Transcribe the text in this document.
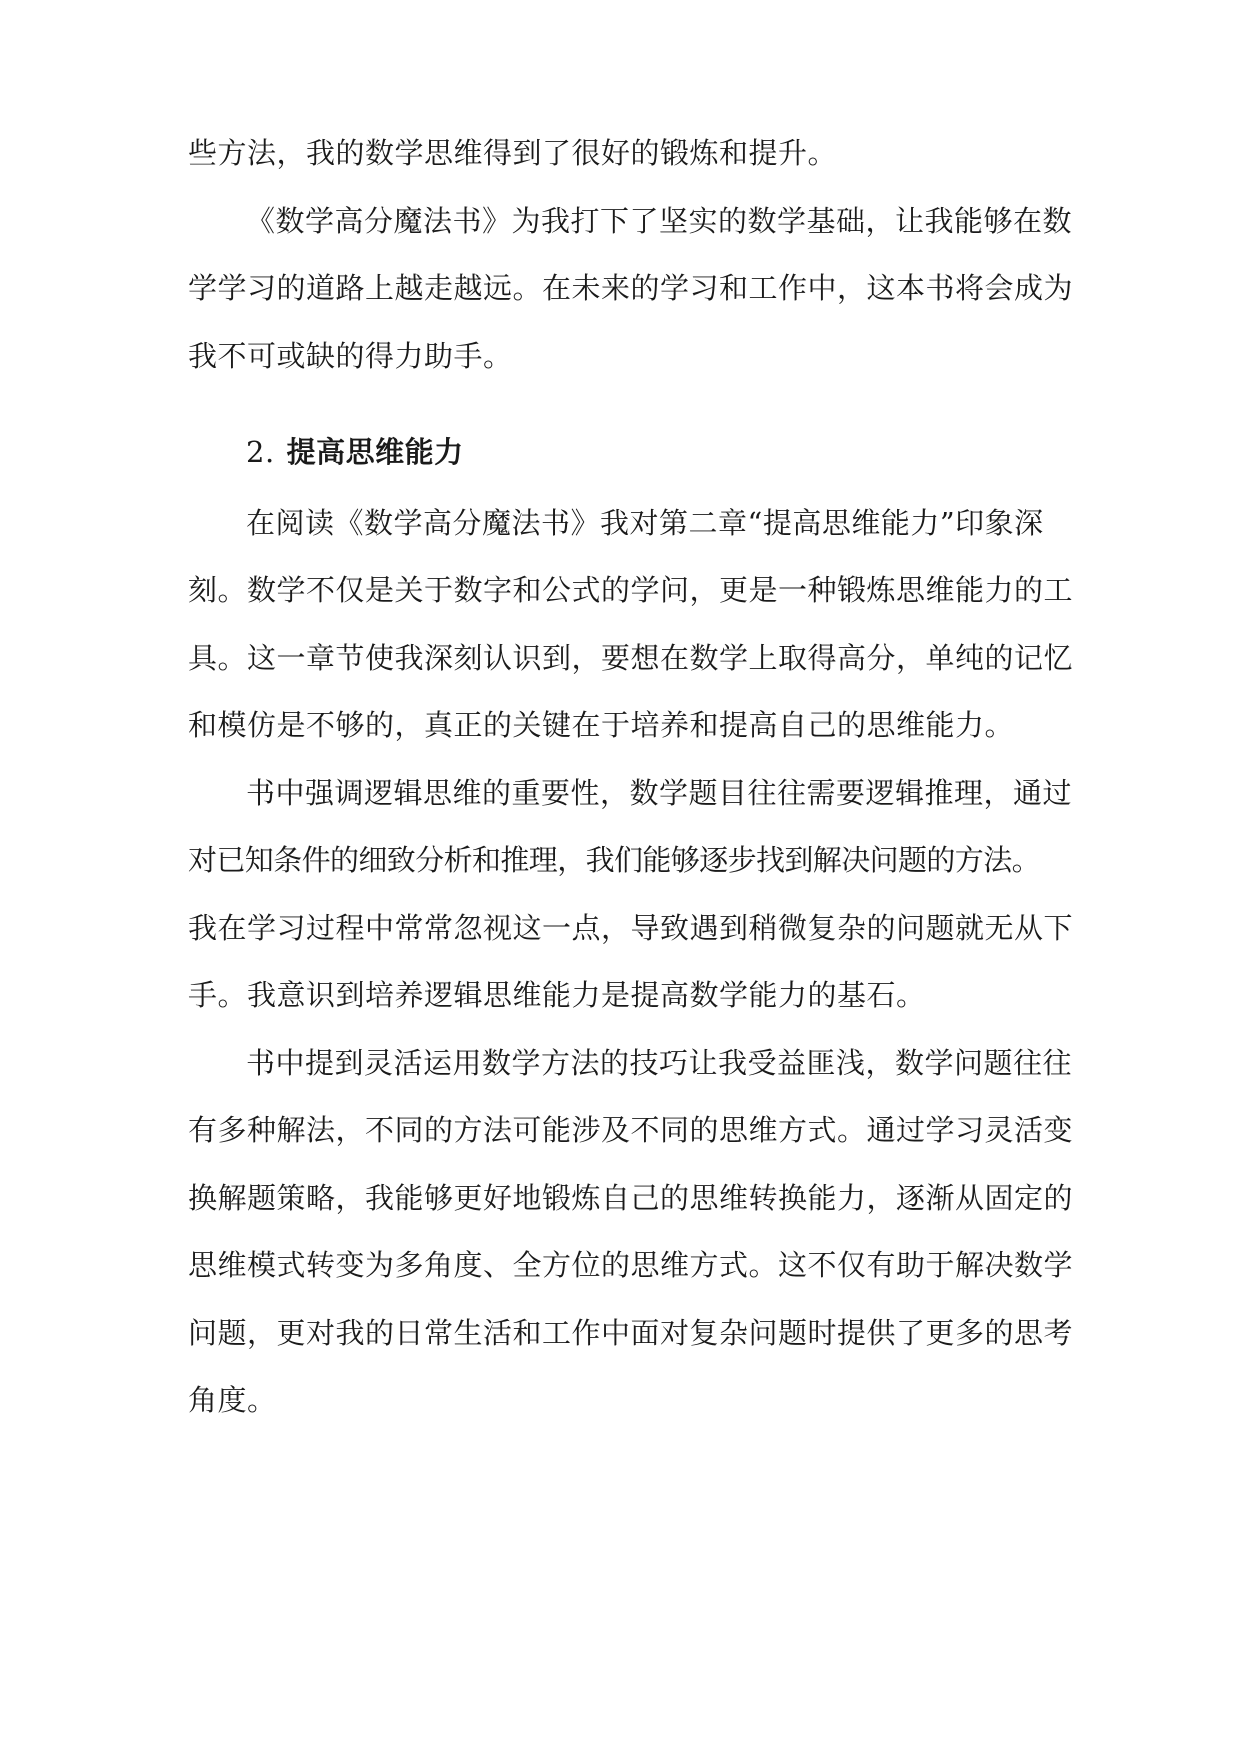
些方法，我的数学思维得到了很好的锻炼和提升。
《数学高分魔法书》为我打下了坚实的数学基础，让我能够在数
学学习的道路上越走越远。在未来的学习和工作中，这本书将会成为
我不可或缺的得力助手。
2. 提高思维能力
在阅读《数学高分魔法书》我对第二章“提高思维能力”印象深
刻。数学不仅是关于数字和公式的学问，更是一种锻炼思维能力的工
具。这一章节使我深刻认识到，要想在数学上取得高分，单纯的记忆
和模仿是不够的，真正的关键在于培养和提高自己的思维能力。
书中强调逻辑思维的重要性，数学题目往往需要逻辑推理，通过
对已知条件的细致分析和推理，我们能够逐步找到解决问题的方法。
我在学习过程中常常忽视这一点，导致遇到稍微复杂的问题就无从下
手。我意识到培养逻辑思维能力是提高数学能力的基石。
书中提到灵活运用数学方法的技巧让我受益匪浅，数学问题往往
有多种解法，不同的方法可能涉及不同的思维方式。通过学习灵活变
换解题策略，我能够更好地锻炼自己的思维转换能力，逐渐从固定的
思维模式转变为多角度、全方位的思维方式。这不仅有助于解决数学
问题，更对我的日常生活和工作中面对复杂问题时提供了更多的思考
角度。
